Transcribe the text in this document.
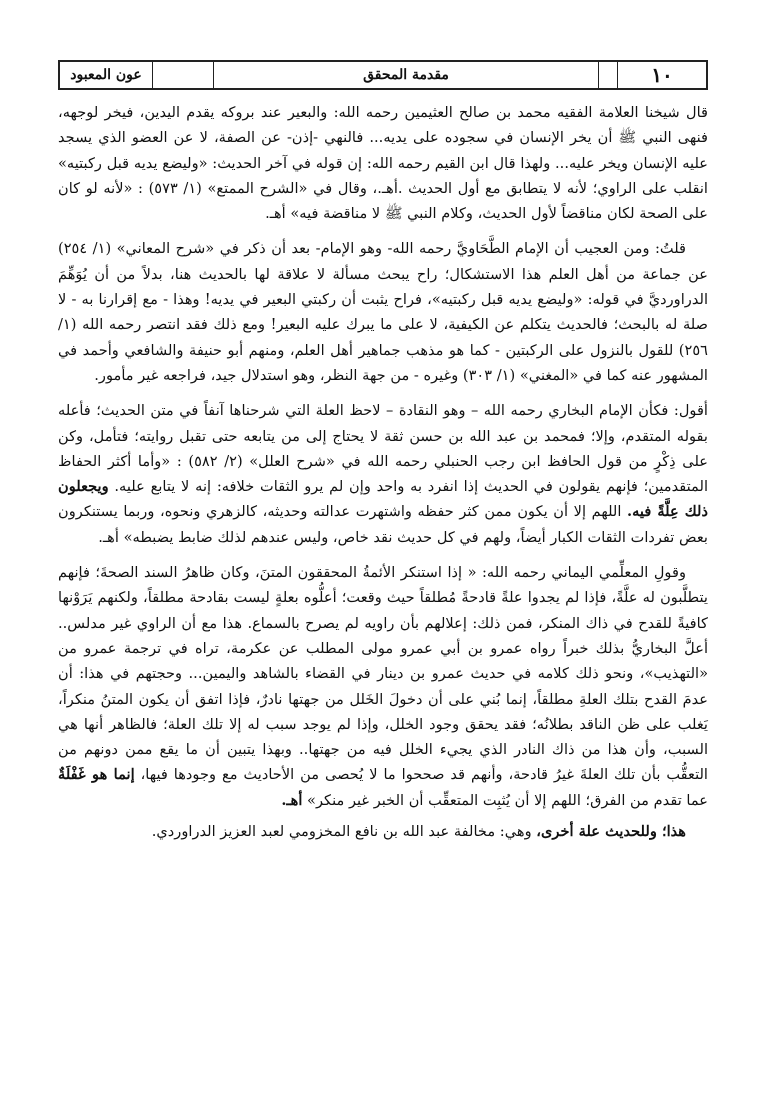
١٠		مقدمة المحقق		عون المعبود

قال شيخنا العلامة الفقيه محمد بن صالح العثيمين رحمه الله: والبعير عند بروكه يقدم اليدين، فيخر لوجهه، فنهى النبي ﷺ أن يخر الإنسان في سجوده على يديه... فالنهي -إذن- عن الصفة، لا عن العضو الذي يسجد عليه الإنسان ويخر عليه... ولهذا قال ابن القيم رحمه الله: إن قوله في آخر الحديث: «وليضع يديه قبل ركبتيه» انقلب على الراوي؛ لأنه لا يتطابق مع أول الحديث .أهـ.، وقال في «الشرح الممتع» (١/ ٥٧٣) : «لأنه لو كان على الصحة لكان مناقضاً لأول الحديث، وكلام النبي ﷺ لا مناقضة فيه» أهـ.

قلتُ: ومن العجيب أن الإمام الطَّحَاويَّ رحمه الله- وهو الإمام- بعد أن ذكر في «شرح المعاني» (١/ ٢٥٤) عن جماعة من أهل العلم هذا الاستشكال؛ راح يبحث مسألة لا علاقة لها بالحديث هنا، بدلاً من أن يُوَهِّمَ الدراورديَّ في قوله: «وليضع يديه قبل ركبتيه»، فراح يثبت أن ركبتي البعير في يديه! وهذا - مع إقرارنا به - لا صلة له بالبحث؛ فالحديث يتكلم عن الكيفية، لا على ما يبرك عليه البعير! ومع ذلك فقد انتصر رحمه الله (١/ ٢٥٦) للقول بالنزول على الركبتين - كما هو مذهب جماهير أهل العلم، ومنهم أبو حنيفة والشافعي وأحمد في المشهور عنه كما في «المغني» (١/ ٣٠٣) وغيره - من جهة النظر، وهو استدلال جيد، فراجعه غير مأمور.

أقول: فكأن الإمام البخاري رحمه الله – وهو النقادة – لاحظ العلة التي شرحناها آنفاً في متن الحديث؛ فأعله بقوله المتقدم، وإلا؛ فمحمد بن عبد الله بن حسن ثقة لا يحتاج إلى من يتابعه حتى تقبل روايته؛ فتأمل، وكن على ذِكْرٍ من قول الحافظ ابن رجب الحنبلي رحمه الله في «شرح العلل» (٢/ ٥٨٢) : «وأما أكثر الحفاظ المتقدمين؛ فإنهم يقولون في الحديث إذا انفرد به واحد وإن لم يرو الثقات خلافه: إنه لا يتابع عليه. ويجعلون ذلك عِلَّةً فيه. اللهم إلا أن يكون ممن كثر حفظه واشتهرت عدالته وحديثه، كالزهري ونحوه، وربما يستنكرون بعض تفردات الثقات الكبار أيضاً، ولهم في كل حديث نقد خاص، وليس عندهم لذلك ضابط يضبطه» أهـ.

وقولِ المعلِّمي اليماني رحمه الله: « إذا استنكر الأئمةُ المحققون المتنَ، وكان ظاهرُ السند الصحةَ؛ فإنهم يتطلَّبون له علَّةً، فإذا لم يجدوا علةً قادحةً مُطلقاً حيث وقعت؛ أعلُّوه بعلةٍ ليست بقادحة مطلقاً، ولكنهم يَرَوْنها كافيةً للقدح في ذاك المنكر، فمن ذلك: إعلالهم بأن راويه لم يصرح بالسماع. هذا مع أن الراوي غير مدلس.. أعلَّ البخاريُّ بذلك خبراً رواه عمرو بن أبي عمرو مولى المطلب عن عكرمة، تراه في ترجمة عمرو من «التهذيب»، ونحو ذلك كلامه في حديث عمرو بن دينار في القضاء بالشاهد واليمين... وحجتهم في هذا: أن عدمَ القدح بتلك العلةِ مطلقاً، إنما بُني على أن دخولَ الخَلل من جهتها نادرٌ، فإذا اتفق أن يكون المتنُ منكراً، يَغلب على ظن الناقد بطلانُه؛ فقد يحقق وجود الخلل، وإذا لم يوجد سبب له إلا تلك العلة؛ فالظاهر أنها هي السبب، وأن هذا من ذاك النادر الذي يجيء الخلل فيه من جهتها.. وبهذا يتبين أن ما يقع ممن دونهم من التعقُّب بأن تلك العلةَ غيرُ قادحة، وأنهم قد صححوا ما لا يُحصى من الأحاديث مع وجودها فيها، إنما هو غَفْلَةٌ عما تقدم من الفرق؛ اللهم إلا أن يُثبِت المتعقِّب أن الخبر غير منكر» أهـ.

هذا؛ وللحديث علة أخرى، وهي: مخالفة عبد الله بن نافع المخزومي لعبد العزيز الدراوردي.
